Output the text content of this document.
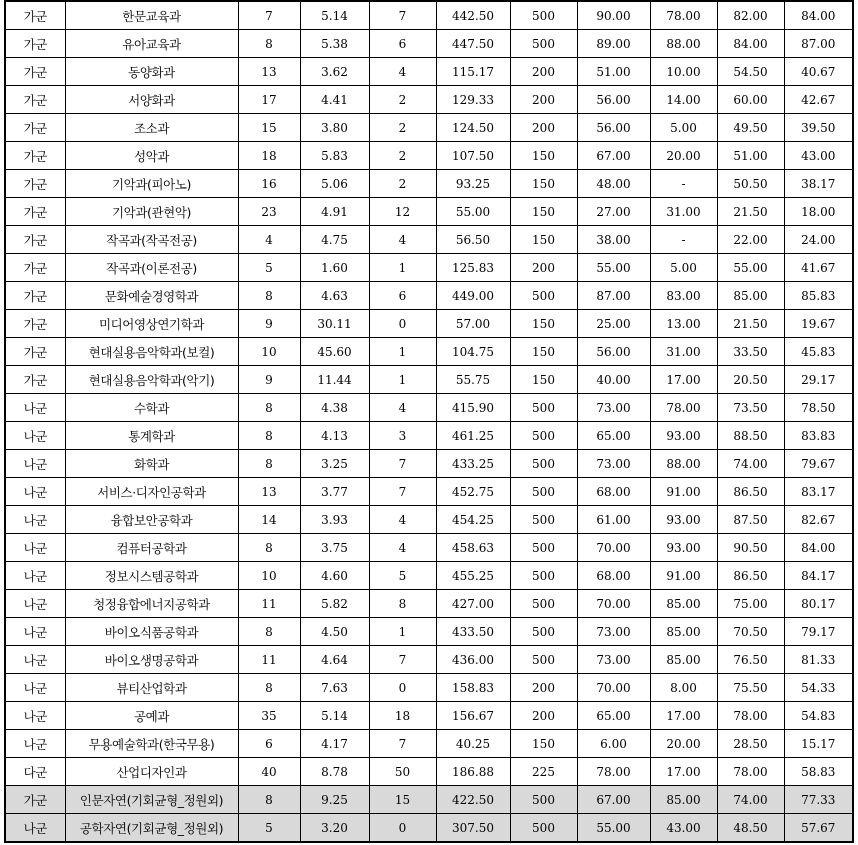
가군	한문교육과	7	5.14	7	442.50	500	90.00	78.00	82.00	84.00
가군	유아교육과	8	5.38	6	447.50	500	89.00	88.00	84.00	87.00
가군	동양화과	13	3.62	4	115.17	200	51.00	10.00	54.50	40.67
가군	서양화과	17	4.41	2	129.33	200	56.00	14.00	60.00	42.67
가군	조소과	15	3.80	2	124.50	200	56.00	5.00	49.50	39.50
가군	성악과	18	5.83	2	107.50	150	67.00	20.00	51.00	43.00
가군	기악과(피아노)	16	5.06	2	93.25	150	48.00	-	50.50	38.17
가군	기악과(관현악)	23	4.91	12	55.00	150	27.00	31.00	21.50	18.00
가군	작곡과(작곡전공)	4	4.75	4	56.50	150	38.00	-	22.00	24.00
가군	작곡과(이론전공)	5	1.60	1	125.83	200	55.00	5.00	55.00	41.67
가군	문화예술경영학과	8	4.63	6	449.00	500	87.00	83.00	85.00	85.83
가군	미디어영상연기학과	9	30.11	0	57.00	150	25.00	13.00	21.50	19.67
가군	현대실용음악학과(보컬)	10	45.60	1	104.75	150	56.00	31.00	33.50	45.83
가군	현대실용음악학과(악기)	9	11.44	1	55.75	150	40.00	17.00	20.50	29.17
나군	수학과	8	4.38	4	415.90	500	73.00	78.00	73.50	78.50
나군	통계학과	8	4.13	3	461.25	500	65.00	93.00	88.50	83.83
나군	화학과	8	3.25	7	433.25	500	73.00	88.00	74.00	79.67
나군	서비스·디자인공학과	13	3.77	7	452.75	500	68.00	91.00	86.50	83.17
나군	융합보안공학과	14	3.93	4	454.25	500	61.00	93.00	87.50	82.67
나군	컴퓨터공학과	8	3.75	4	458.63	500	70.00	93.00	90.50	84.00
나군	정보시스템공학과	10	4.60	5	455.25	500	68.00	91.00	86.50	84.17
나군	청정융합에너지공학과	11	5.82	8	427.00	500	70.00	85.00	75.00	80.17
나군	바이오식품공학과	8	4.50	1	433.50	500	73.00	85.00	70.50	79.17
나군	바이오생명공학과	11	4.64	7	436.00	500	73.00	85.00	76.50	81.33
나군	뷰티산업학과	8	7.63	0	158.83	200	70.00	8.00	75.50	54.33
나군	공예과	35	5.14	18	156.67	200	65.00	17.00	78.00	54.83
나군	무용예술학과(한국무용)	6	4.17	7	40.25	150	6.00	20.00	28.50	15.17
다군	산업디자인과	40	8.78	50	186.88	225	78.00	17.00	78.00	58.83
가군	인문자연(기회균형_정원외)	8	9.25	15	422.50	500	67.00	85.00	74.00	77.33
나군	공학자연(기회균형_정원외)	5	3.20	0	307.50	500	55.00	43.00	48.50	57.67
